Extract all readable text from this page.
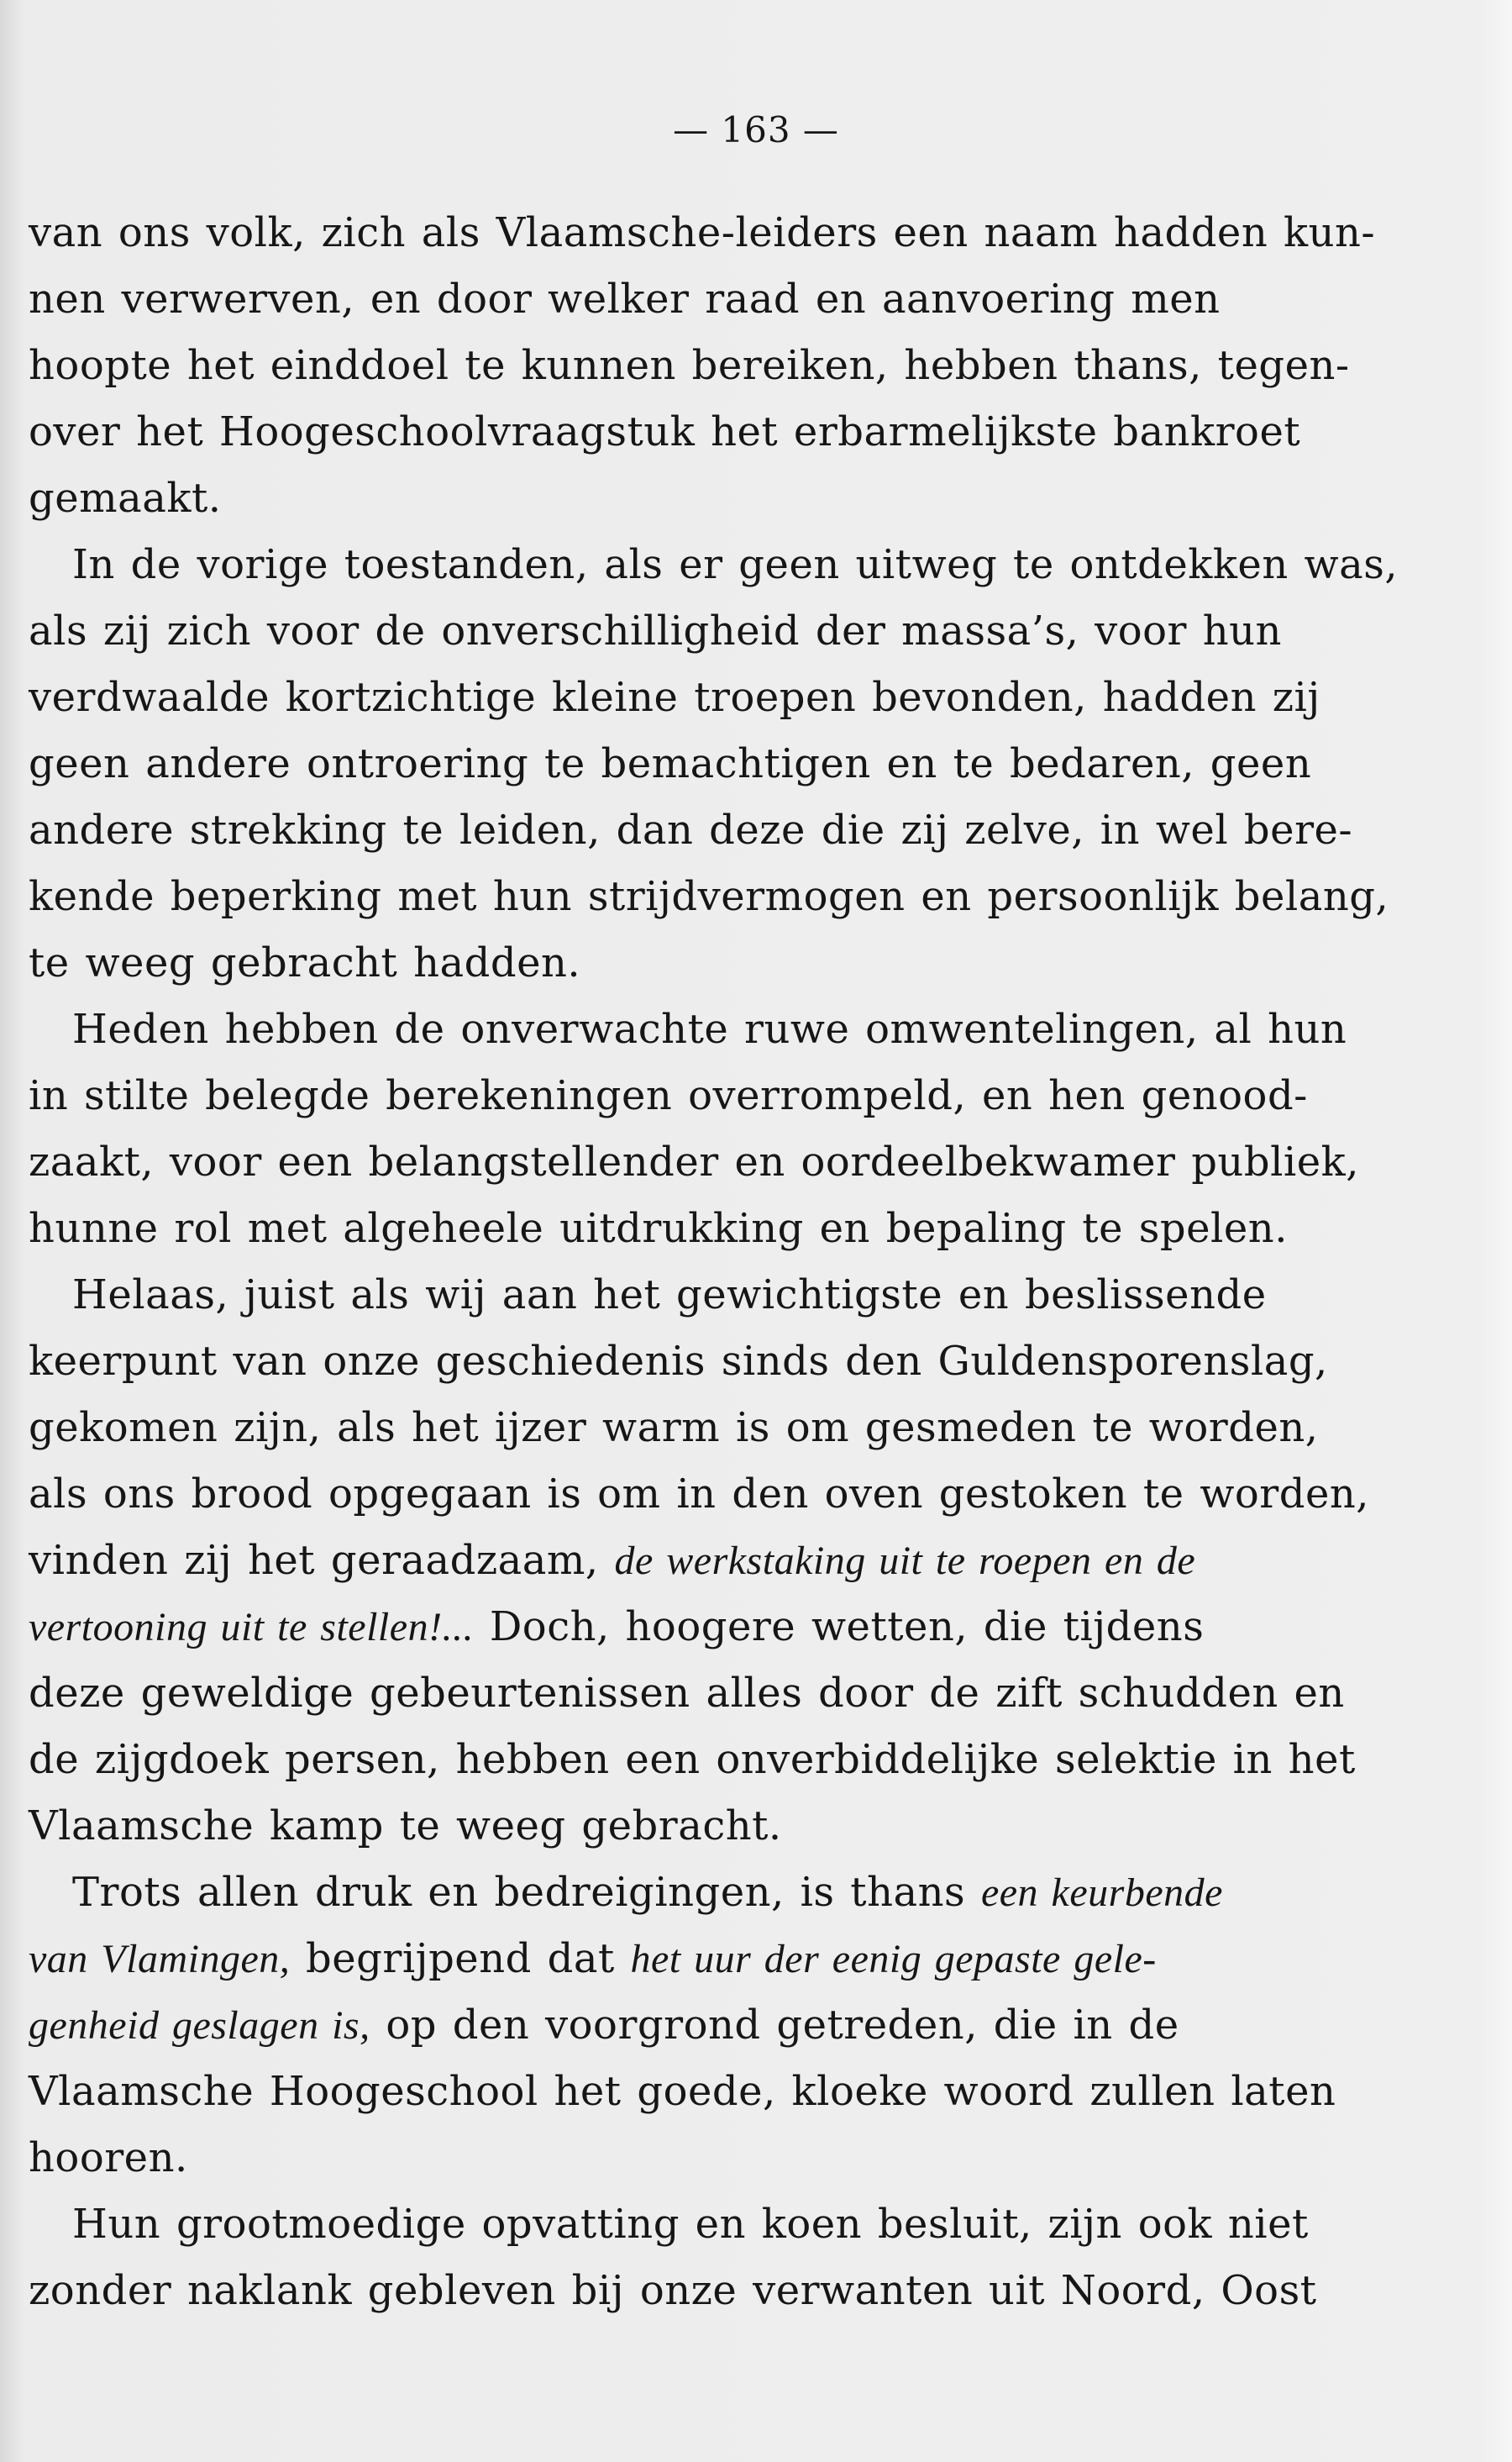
— 163 —
van ons volk, zich als Vlaamsche-leiders een naam hadden kun-
nen verwerven, en door welker raad en aanvoering men
hoopte het einddoel te kunnen bereiken, hebben thans, tegen-
over het Hoogeschoolvraagstuk het erbarmelijkste bankroet
gemaakt.
In de vorige toestanden, als er geen uitweg te ontdekken was,
als zij zich voor de onverschilligheid der massa’s, voor hun
verdwaalde kortzichtige kleine troepen bevonden, hadden zij
geen andere ontroering te bemachtigen en te bedaren, geen
andere strekking te leiden, dan deze die zij zelve, in wel bere-
kende beperking met hun strijdvermogen en persoonlijk belang,
te weeg gebracht hadden.
Heden hebben de onverwachte ruwe omwentelingen, al hun
in stilte belegde berekeningen overrompeld, en hen genood-
zaakt, voor een belangstellender en oordeelbekwamer publiek,
hunne rol met algeheele uitdrukking en bepaling te spelen.
Helaas, juist als wij aan het gewichtigste en beslissende
keerpunt van onze geschiedenis sinds den Guldensporenslag,
gekomen zijn, als het ijzer warm is om gesmeden te worden,
als ons brood opgegaan is om in den oven gestoken te worden,
vinden zij het geraadzaam, de werkstaking uit te roepen en de
vertooning uit te stellen!... Doch, hoogere wetten, die tijdens
deze geweldige gebeurtenissen alles door de zift schudden en
de zijgdoek persen, hebben een onverbiddelijke selektie in het
Vlaamsche kamp te weeg gebracht.
Trots allen druk en bedreigingen, is thans een keurbende
van Vlamingen, begrijpend dat het uur der eenig gepaste gele-
genheid geslagen is, op den voorgrond getreden, die in de
Vlaamsche Hoogeschool het goede, kloeke woord zullen laten
hooren.
Hun grootmoedige opvatting en koen besluit, zijn ook niet
zonder naklank gebleven bij onze verwanten uit Noord, Oost
